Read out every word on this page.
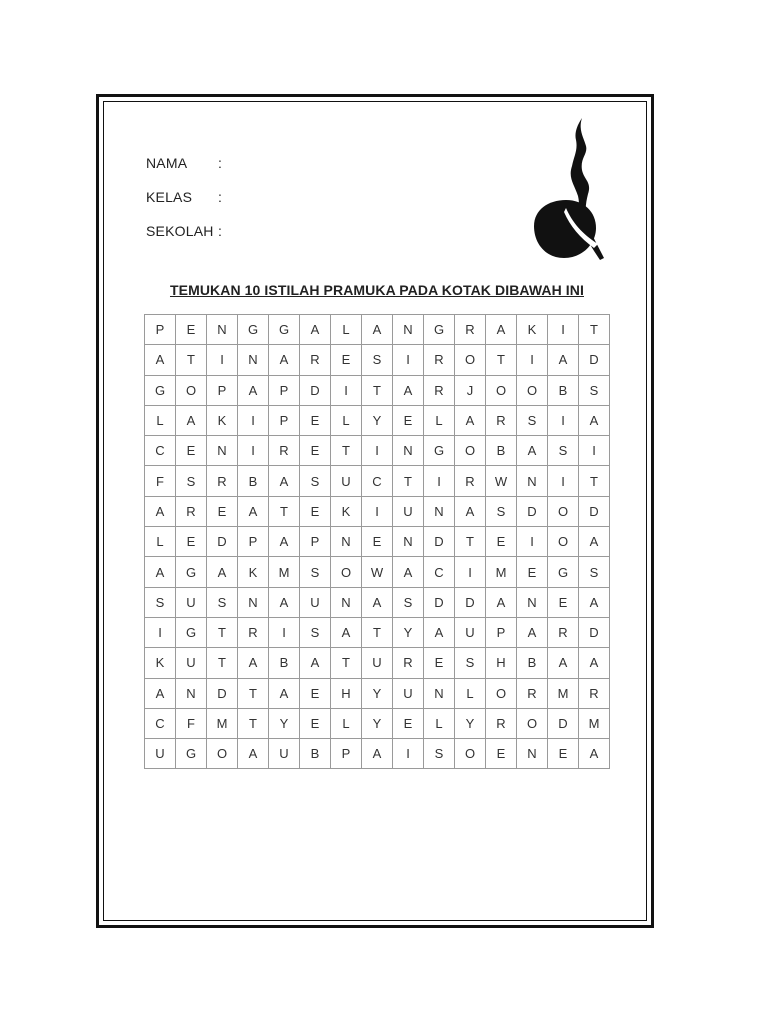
NAMA :
KELAS :
SEKOLAH :
TEMUKAN 10 ISTILAH PRAMUKA PADA KOTAK DIBAWAH INI
P	E	N	G	G	A	L	A	N	G	R	A	K	I	T
A	T	I	N	A	R	E	S	I	R	O	T	I	A	D
G	O	P	A	P	D	I	T	A	R	J	O	O	B	S
L	A	K	I	P	E	L	Y	E	L	A	R	S	I	A
C	E	N	I	R	E	T	I	N	G	O	B	A	S	I
F	S	R	B	A	S	U	C	T	I	R	W	N	I	T
A	R	E	A	T	E	K	I	U	N	A	S	D	O	D
L	E	D	P	A	P	N	E	N	D	T	E	I	O	A
A	G	A	K	M	S	O	W	A	C	I	M	E	G	S
S	U	S	N	A	U	N	A	S	D	D	A	N	E	A
I	G	T	R	I	S	A	T	Y	A	U	P	A	R	D
K	U	T	A	B	A	T	U	R	E	S	H	B	A	A
A	N	D	T	A	E	H	Y	U	N	L	O	R	M	R
C	F	M	T	Y	E	L	Y	E	L	Y	R	O	D	M
U	G	O	A	U	B	P	A	I	S	O	E	N	E	A
